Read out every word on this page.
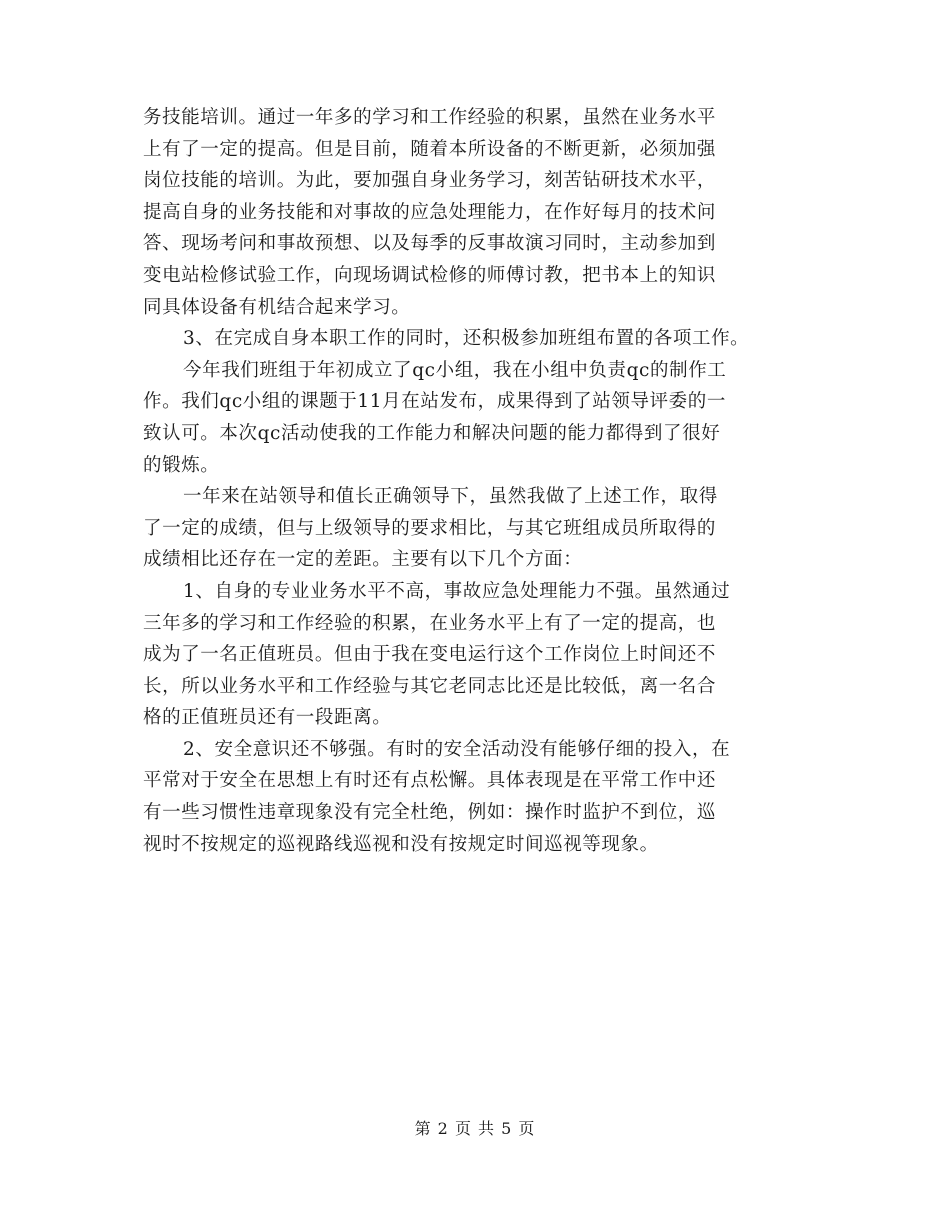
务技能培训。通过一年多的学习和工作经验的积累，虽然在业务水平
上有了一定的提高。但是目前，随着本所设备的不断更新，必须加强
岗位技能的培训。为此，要加强自身业务学习，刻苦钻研技术水平，
提高自身的业务技能和对事故的应急处理能力，在作好每月的技术问
答、现场考问和事故预想、以及每季的反事故演习同时，主动参加到
变电站检修试验工作，向现场调试检修的师傅讨教，把书本上的知识
同具体设备有机结合起来学习。
3、在完成自身本职工作的同时，还积极参加班组布置的各项工作。
今年我们班组于年初成立了qc小组，我在小组中负责qc的制作工
作。我们qc小组的课题于11月在站发布，成果得到了站领导评委的一
致认可。本次qc活动使我的工作能力和解决问题的能力都得到了很好
的锻炼。
一年来在站领导和值长正确领导下，虽然我做了上述工作，取得
了一定的成绩，但与上级领导的要求相比，与其它班组成员所取得的
成绩相比还存在一定的差距。主要有以下几个方面：
1、自身的专业业务水平不高，事故应急处理能力不强。虽然通过
三年多的学习和工作经验的积累，在业务水平上有了一定的提高，也
成为了一名正值班员。但由于我在变电运行这个工作岗位上时间还不
长，所以业务水平和工作经验与其它老同志比还是比较低，离一名合
格的正值班员还有一段距离。
2、安全意识还不够强。有时的安全活动没有能够仔细的投入，在
平常对于安全在思想上有时还有点松懈。具体表现是在平常工作中还
有一些习惯性违章现象没有完全杜绝，例如：操作时监护不到位，巡
视时不按规定的巡视路线巡视和没有按规定时间巡视等现象。
第 2 页 共 5 页
